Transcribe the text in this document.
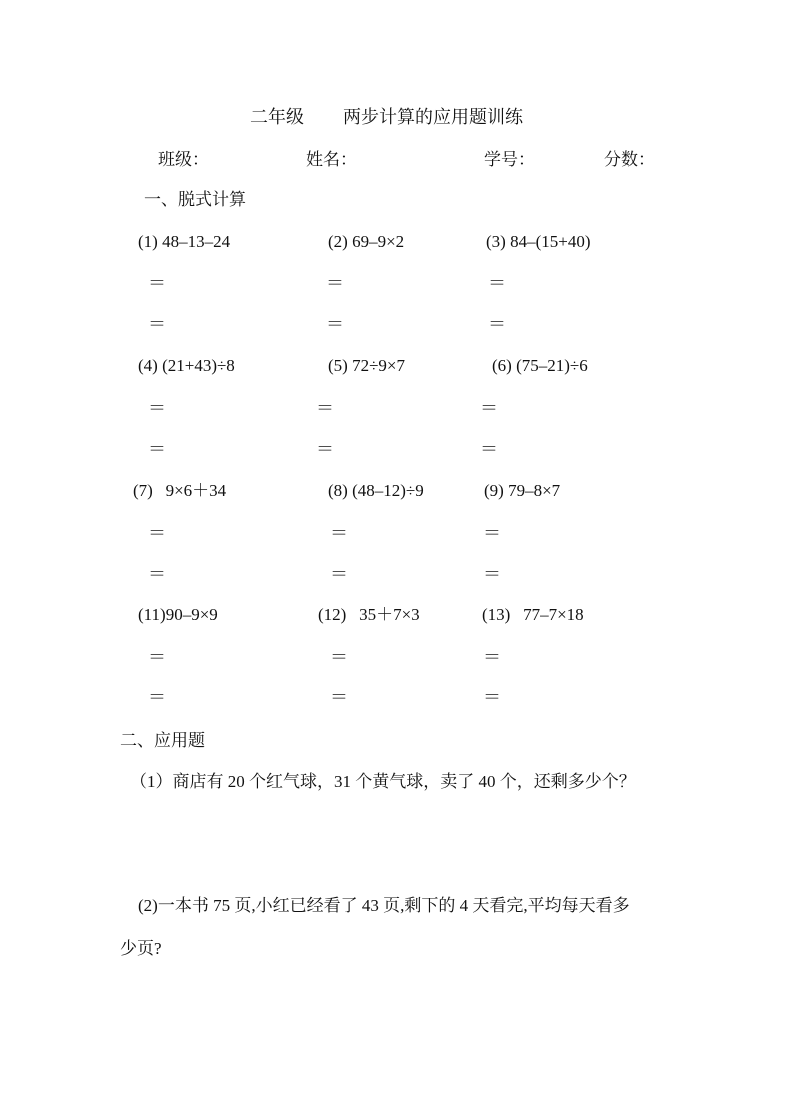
二年级 两步计算的应用题训练
班级：	姓名：	学号：	分数：
一、脱式计算
(1) 48–13–24	(2) 69–9×2	(3) 84–(15+40)
＝	＝	＝
＝	＝	＝
(4) (21+43)÷8	(5) 72÷9×7	(6) (75–21)÷6
＝	＝	＝
＝	＝	＝
(7)   9×6＋34	(8) (48–12)÷9	(9) 79–8×7
＝	＝	＝
＝	＝	＝
(11)90–9×9	(12)   35＋7×3	(13)   77–7×18
＝	＝	＝
＝	＝	＝
二、应用题
（1）商店有 20 个红气球，31 个黄气球，卖了 40 个，还剩多少个？
(2)一本书 75 页,小红已经看了 43 页,剩下的 4 天看完,平均每天看多
少页?
